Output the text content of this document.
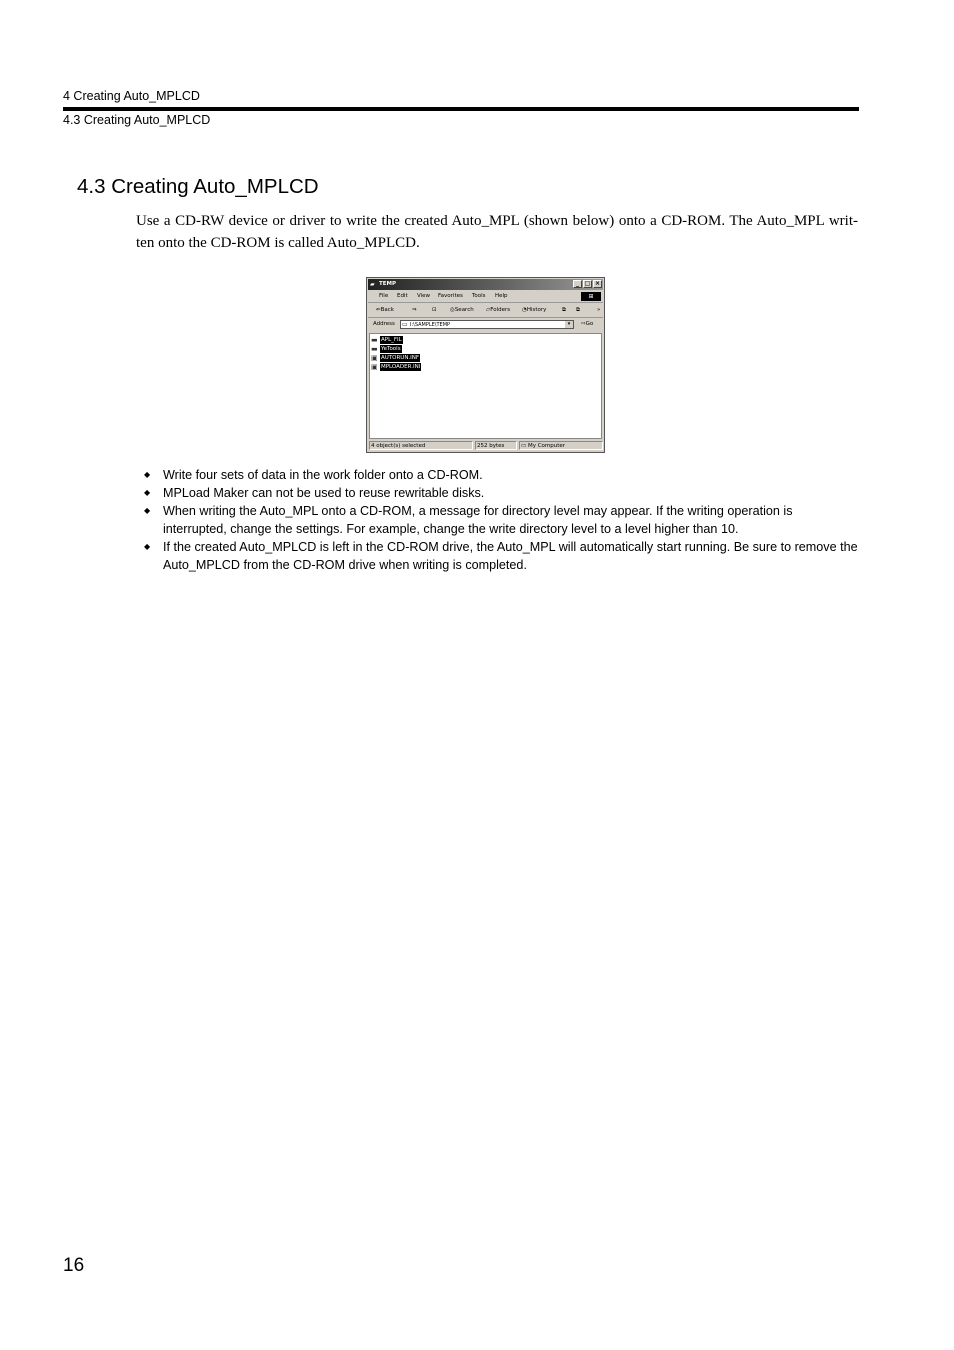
4 Creating Auto_MPLCD
4.3 Creating Auto_MPLCD
4.3 Creating Auto_MPLCD

Use a CD-RW device or driver to write the created Auto_MPL (shown below) onto a CD-ROM. The Auto_MPL writ- ten onto the CD-ROM is called Auto_MPLCD.

▰ TEMP	_ □ ×
File Edit View Favorites Tools Help	⊞
⇐Back	⇒	⊡ ◎Search ▱Folders ◔History	⧉ ⧉	»
Address ▭ I:\SAMPLE\TEMP	▾	⇨Go
▬ APL_FIL
▬ YeTools
▣ AUTORUN.INF
▣ MPLOADER.INI
4 object(s) selected	252 bytes	▭ My Computer
◆ Write four sets of data in the work folder onto a CD-ROM.
◆ MPLoad Maker can not be used to reuse rewritable disks.
◆ When writing the Auto_MPL onto a CD-ROM, a message for directory level may appear. If the writing operation is interrupted, change the settings. For example, change the write directory level to a level higher than 10.
◆ If the created Auto_MPLCD is left in the CD-ROM drive, the Auto_MPL will automatically start running. Be sure to remove the Auto_MPLCD from the CD-ROM drive when writing is completed.
16
